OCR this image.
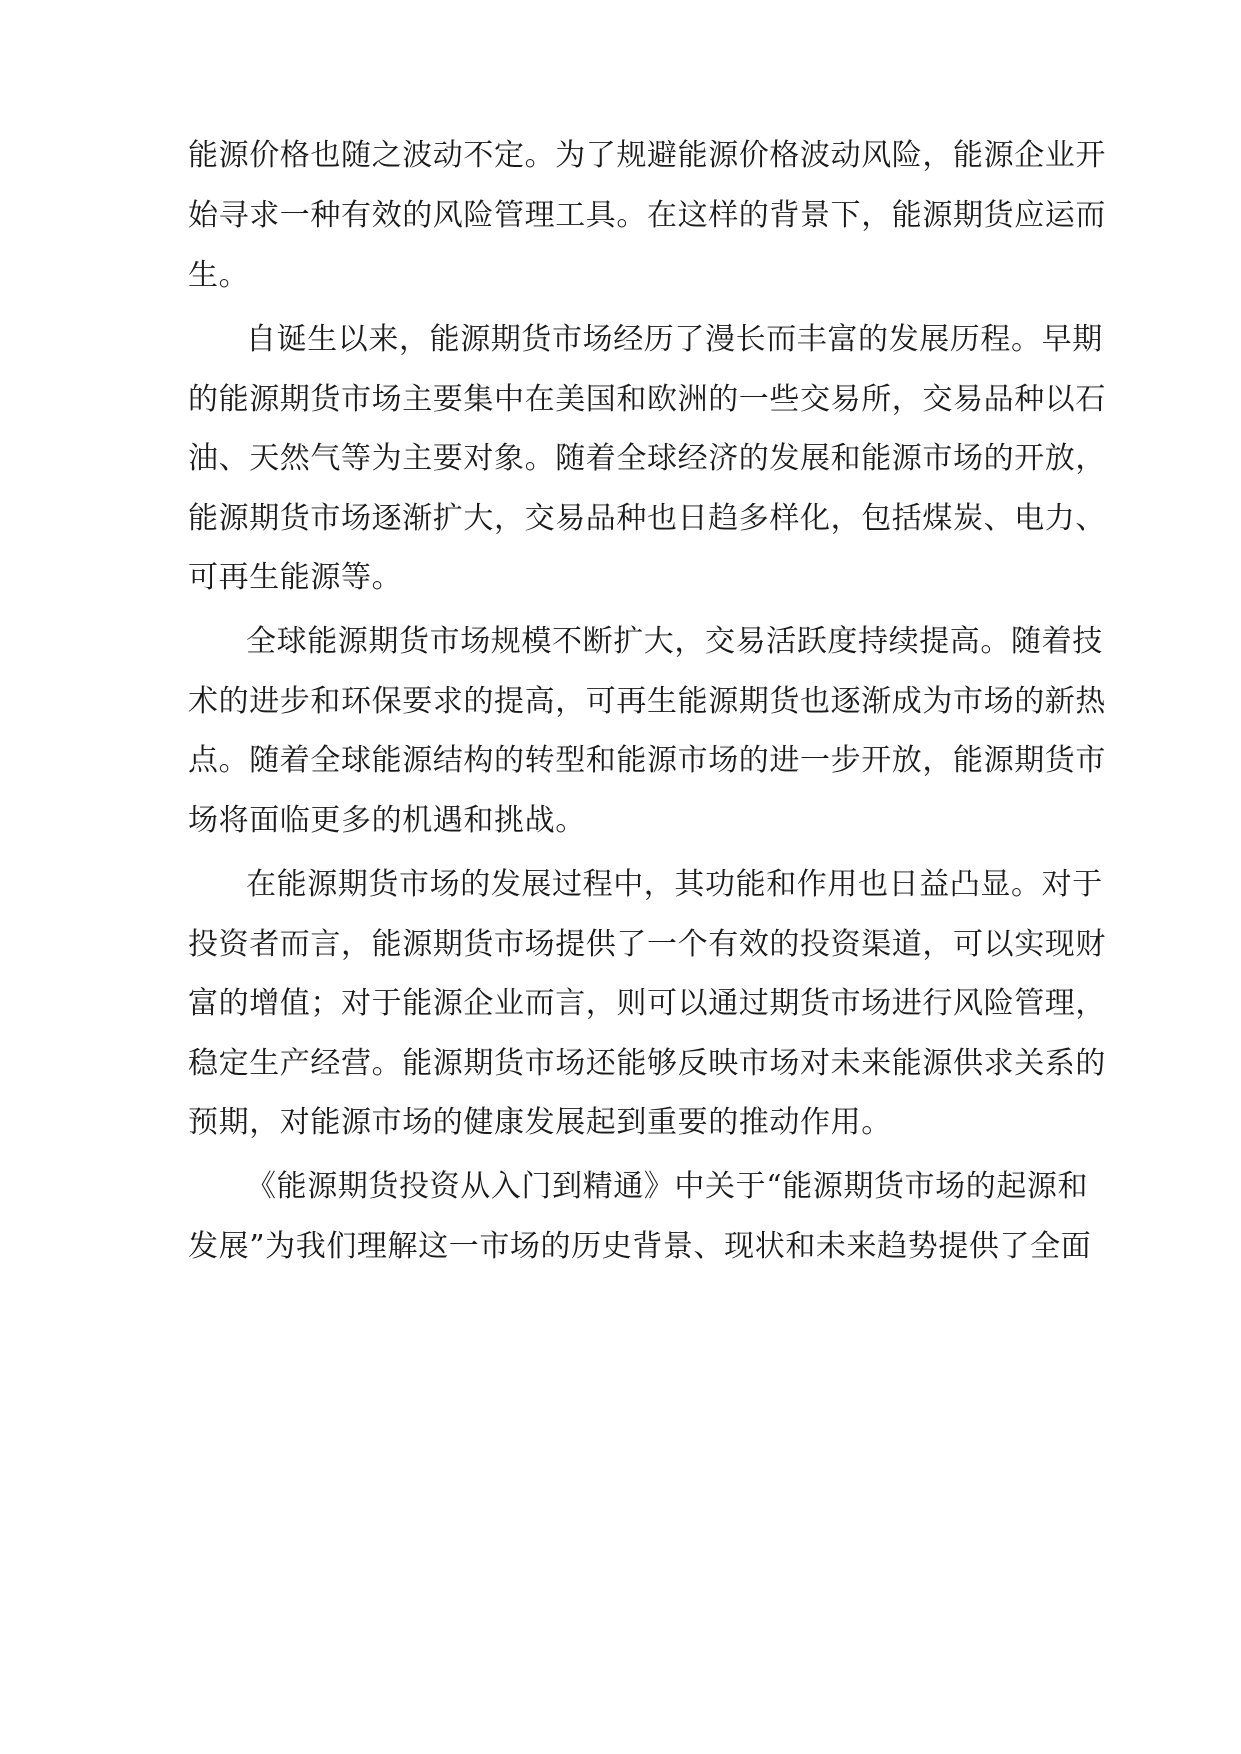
能源价格也随之波动不定。为了规避能源价格波动风险，能源企业开
始寻求一种有效的风险管理工具。在这样的背景下，能源期货应运而
生。
自诞生以来，能源期货市场经历了漫长而丰富的发展历程。早期
的能源期货市场主要集中在美国和欧洲的一些交易所，交易品种以石
油、天然气等为主要对象。随着全球经济的发展和能源市场的开放，
能源期货市场逐渐扩大，交易品种也日趋多样化，包括煤炭、电力、
可再生能源等。
全球能源期货市场规模不断扩大，交易活跃度持续提高。随着技
术的进步和环保要求的提高，可再生能源期货也逐渐成为市场的新热
点。随着全球能源结构的转型和能源市场的进一步开放，能源期货市
场将面临更多的机遇和挑战。
在能源期货市场的发展过程中，其功能和作用也日益凸显。对于
投资者而言，能源期货市场提供了一个有效的投资渠道，可以实现财
富的增值；对于能源企业而言，则可以通过期货市场进行风险管理，
稳定生产经营。能源期货市场还能够反映市场对未来能源供求关系的
预期，对能源市场的健康发展起到重要的推动作用。
《能源期货投资从入门到精通》中关于“能源期货市场的起源和
发展”为我们理解这一市场的历史背景、现状和未来趋势提供了全面
